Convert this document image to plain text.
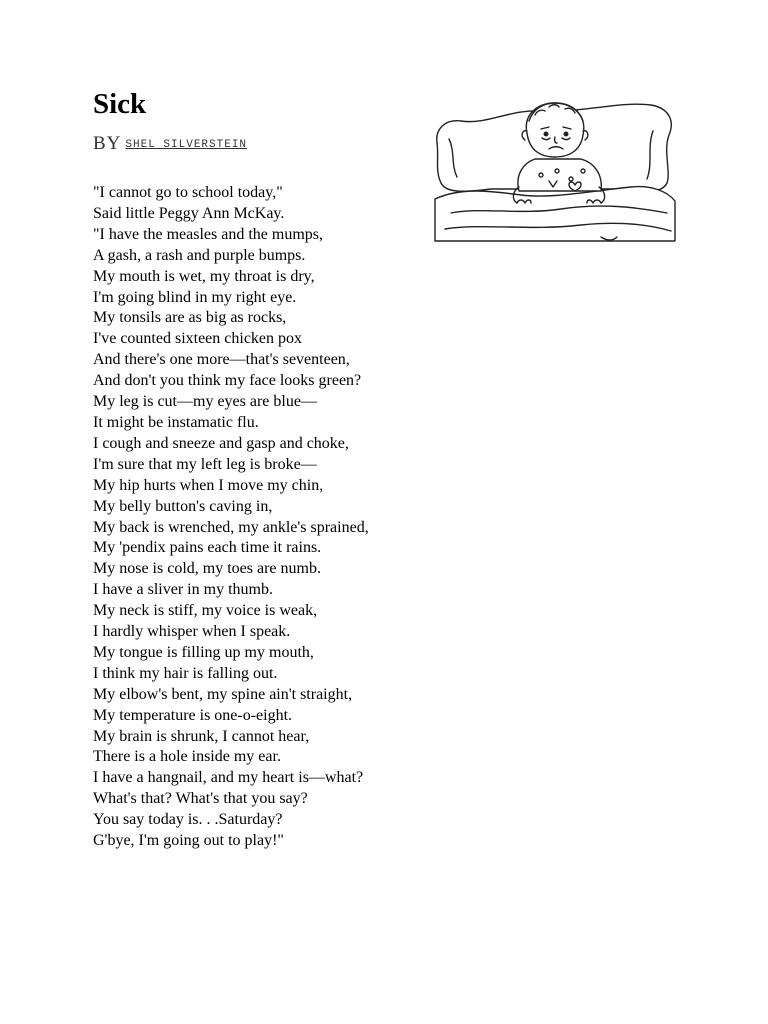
Sick
BY SHEL SILVERSTEIN
"I cannot go to school today,"
Said little Peggy Ann McKay.
"I have the measles and the mumps,
A gash, a rash and purple bumps.
My mouth is wet, my throat is dry,
I'm going blind in my right eye.
My tonsils are as big as rocks,
I've counted sixteen chicken pox
And there's one more—that's seventeen,
And don't you think my face looks green?
My leg is cut—my eyes are blue—
It might be instamatic flu.
I cough and sneeze and gasp and choke,
I'm sure that my left leg is broke—
My hip hurts when I move my chin,
My belly button's caving in,
My back is wrenched, my ankle's sprained,
My 'pendix pains each time it rains.
My nose is cold, my toes are numb.
I have a sliver in my thumb.
My neck is stiff, my voice is weak,
I hardly whisper when I speak.
My tongue is filling up my mouth,
I think my hair is falling out.
My elbow's bent, my spine ain't straight,
My temperature is one-o-eight.
My brain is shrunk, I cannot hear,
There is a hole inside my ear.
I have a hangnail, and my heart is—what?
What's that? What's that you say?
You say today is. . .Saturday?
G'bye, I'm going out to play!"
